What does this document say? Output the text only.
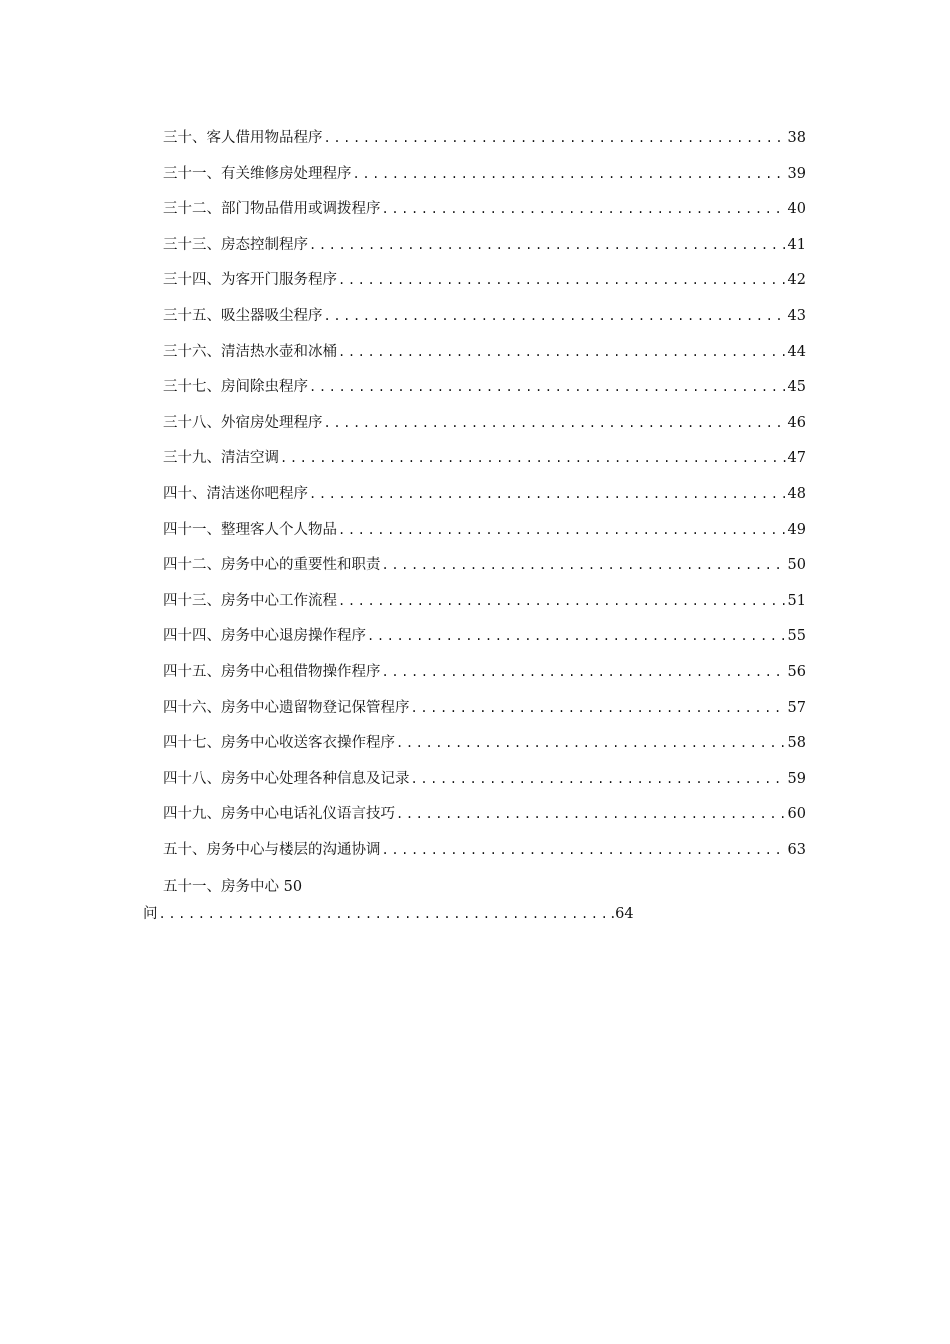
三十、客人借用物品程序 .....	38
三十一、有关维修房处理程序 .....	39
三十二、部门物品借用或调拨程序 .....	40
三十三、房态控制程序 .....	41
三十四、为客开门服务程序 .....	42
三十五、吸尘器吸尘程序 .....	43
三十六、清洁热水壶和冰桶 .....	44
三十七、房间除虫程序 .....	45
三十八、外宿房处理程序 .....	46
三十九、清洁空调 .....	47
四十、清洁迷你吧程序 .....	48
四十一、整理客人个人物品 .....	49
四十二、房务中心的重要性和职责 .....	50
四十三、房务中心工作流程 .....	51
四十四、房务中心退房操作程序 .....	55
四十五、房务中心租借物操作程序 .....	56
四十六、房务中心遗留物登记保管程序 .....	57
四十七、房务中心收送客衣操作程序 .....	58
四十八、房务中心处理各种信息及记录 .....	59
四十九、房务中心电话礼仪语言技巧 .....	60
五十、房务中心与楼层的沟通协调 .....	63
五十一、房务中心 50
问 .....	.64
